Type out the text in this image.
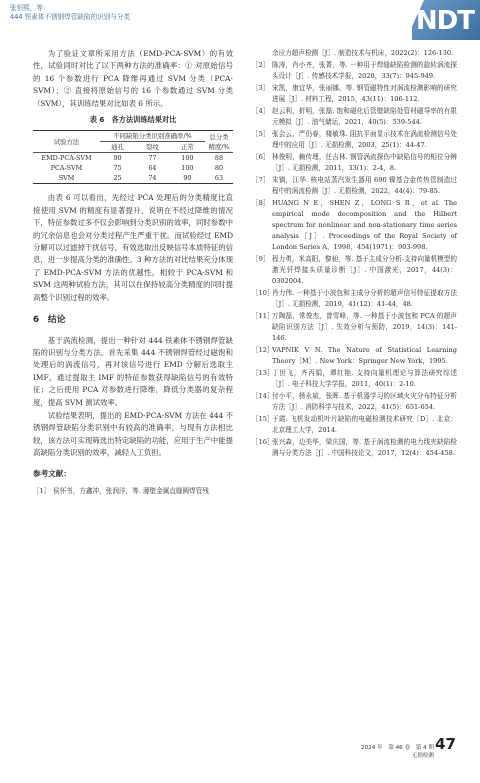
张恒熙，等：
444 铁素体不锈钢焊管缺陷的识别与分类	NDT

为了验证文章所采用方法（EMD-PCA-SVM）的有效性，试验同时对比了以下两种方法的准确率：① 对原始信号的 16 个参数进行 PCA 降维再通过 SVM 分类（PCA-SVM）；② 直接将原始信号的 16 个参数通过 SVM 分类（SVM），其训练结果对比如表 6 所示。

表 6　各方法训练结果对比
试验方法	不同缺陷分类识别准确率/%			总分类
	通孔	裂纹	正常	精度/%
EMD-PCA-SVM	90	77	100	88
PCA-SVM	75	64	100	80
SVM	25	74	90	63

由表 6 可以看出，先经过 PCA 处理后的分类精度比直接使用 SVM 的精度有显著提升，说明在不经过降维的情况下，特征参数过多不仅会影响到分类识别的效率，同时参数中的冗余信息也会对分类过程产生严重干扰。而试验经过 EMD 分解可以过滤掉干扰信号，有效选取出反映信号本质特征的信息，进一步提高分类的准确性。3 种方法的对比结果充分体现了 EMD-PCA-SVM 方法的优越性，相较于 PCA-SVM 和 SVM 这两种试验方法，其可以在保持较高分类精度的同时提高整个识别过程的效率。

6　结论

基于涡流检测，提出一种针对 444 铁素体不锈钢焊管缺陷的识别与分类方法。首先采集 444 不锈钢焊管经过磁饱和处理后的涡流信号，再对该信号进行 EMD 分解后选取主 IMF，通过提取主 IMF 的特征参数获得缺陷信号的有效特征；之后使用 PCA 对参数进行降维，降低分类器的复杂程度，提高 SVM 测试效率。

试验结果表明，提出的 EMD-PCA-SVM 方法在 444 不锈钢焊管缺陷分类识别中有较高的准确率，与现有方法相比较，该方法可实现筛选出特定缺陷的功能，应用于生产中能提高缺陷分类识别的效率，减轻人工负担。

参考文献：
［1］ 侯怀书，方鑫冲，张润洋，等. 薄壁金属直缝圆焊管残
余应力超声检测［J］. 制造技术与机床，2022(2)：126-130.
［2］ 陈涛，肖小齐，张菁，等. 一种用于焊缝缺陷检测的旋转涡流探头设计［J］. 传感技术学报，2020，33(7)：945-949.
［3］ 宋凯，康宜华，张丽娜，等. 钢管磁特性对涡流检测影响的研究进展［J］. 材料工程，2015，43(11)：106-112.
［4］ 赵云利，折明，张磊. 饱和磁化后管壁缺陷处管材磁导率的有限元模拟［J］. 油气储运，2021，40(5)：539-544.
［5］ 张会云，严仍春，楼敏珠. 阻抗平面显示技术在涡流检测信号处理中的应用［J］. 无损检测，2003，25(1)：44-47.
［6］ 林俊明，赖传理，任吉林. 钢管涡流探伤中缺陷信号的相位分辨［J］. 无损检测，2011，33(1)：2-4，8.
［7］ 朱镇，江华. 核电站蒸汽发生器用 690 镍基合金传热管制造过程中的涡流检测［J］. 无损检测，2022，44(4)：79-85.
［8］ HUANG N E，SHEN Z，LONG S R，et al. The empirical mode decomposition and the Hilbert spectrum for nonlinear and non-stationary time series analysis［J］. Proceedings of the Royal Society of London Series A，1998，454(1971)：903-998.
［9］ 程力勇，米高阳，黎昶，等. 基于主成分分析-支持向量机模型的激光钎焊接头质量诊断［J］. 中国激光，2017，44(3)：0302004.
［10］
肖力伟. 一种基于小波包和主成分分析的超声信号特征提取方法［J］. 无损检测，2019，41(12)：41-44，48.
［11］
万陶磊，常俊杰，曾雪峰，等. 一种基于小波包和 PCA 的超声缺陷识别方法［J］. 失效分析与预防，2019，14(3)：141-146.
［12］
VAPNIK V N. The Nature of Statistical Learning Theory［M］. New York：Springer New York，1995.
［13］
丁世飞，齐丙娟，谭红艳. 支持向量机理论与算法研究综述［J］. 电子科技大学学报，2011，40(1)：2-10.
［14］
付小平，杨永斌，张晖. 基于机器学习的区域火灾分布特征分析方法［J］. 消防科学与技术，2022，41(5)：651-654.
［15］
于霞. 飞机发动机叶片缺陷的电磁检测技术研究［D］. 北京：北京理工大学，2014.
［16］
张兴森，边美华，梁庆国，等. 基于涡流检测的电力线夹缺陷检测与分类方法［J］. 中国科技论文，2017，12(4)：454-458.
47
2024 年　第 46 卷　第 4 期
无损检测
